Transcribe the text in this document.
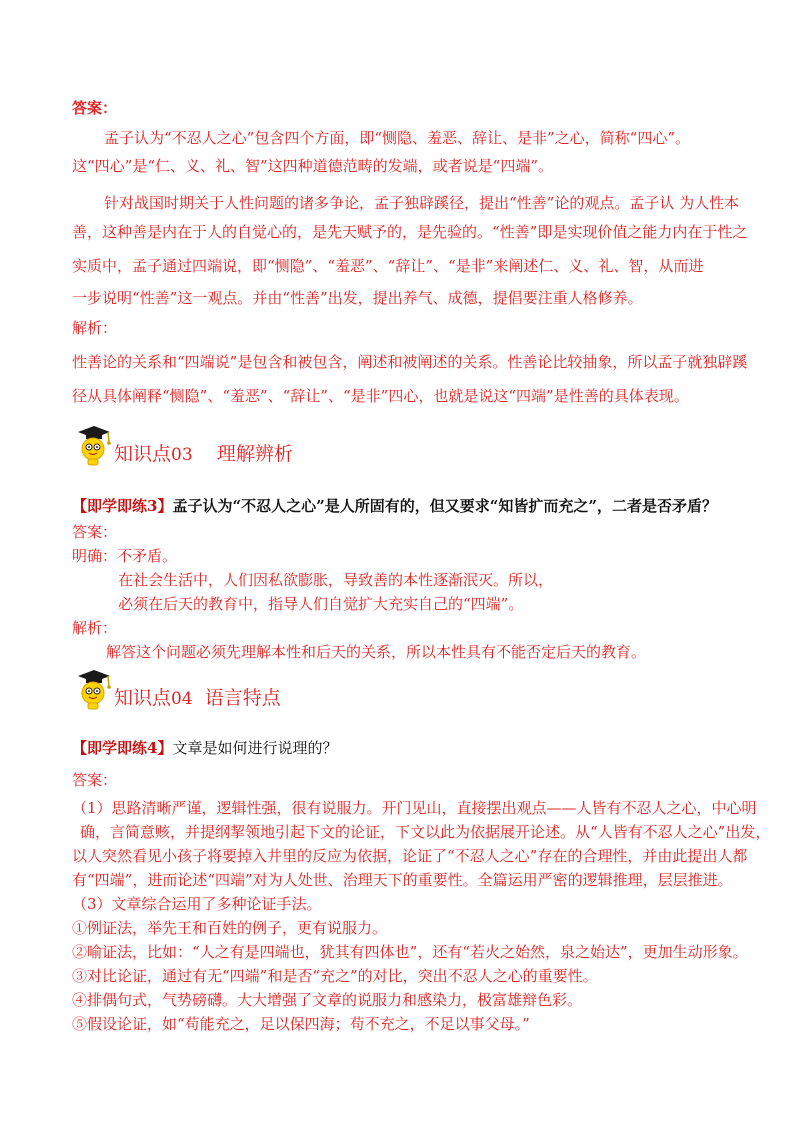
答案：
孟子认为“不忍人之心”包含四个方面，即“恻隐、羞恶、辞让、是非”之心，简称“四心”。
这“四心”是“仁、义、礼、智”这四种道德范畴的发端，或者说是“四端”。
针对战国时期关于人性问题的诸多争论，孟子独辟蹊径，提出“性善”论的观点。孟子认 为人性本
善，这种善是内在于人的自觉心的，是先天赋予的，是先验的。“性善”即是实现价值之能力内在于性之
实质中，孟子通过四端说，即“恻隐”、“羞恶”、“辞让”、“是非”来阐述仁、义、礼、智，从而进
一步说明“性善”这一观点。并由“性善”出发，提出养气、成德，提倡要注重人格修养。
解析：
性善论的关系和“四端说”是包含和被包含，阐述和被阐述的关系。性善论比较抽象，所以孟子就独辟蹊
径从具体阐释“恻隐”、“羞恶”、“辞让”、“是非”四心，也就是说这“四端”是性善的具体表现。
知识点03 理解辨析
【即学即练3】孟子认为“不忍人之心”是人所固有的，但又要求“知皆扩而充之”，二者是否矛盾？
答案：
明确：不矛盾。
在社会生活中，人们因私欲膨胀，导致善的本性逐渐泯灭。所以，
必须在后天的教育中，指导人们自觉扩大充实自己的“四端”。
解析：
解答这个问题必须先理解本性和后天的关系，所以本性具有不能否定后天的教育。
知识点04 语言特点
【即学即练4】文章是如何进行说理的？
答案：
（1）思路清晰严谨，逻辑性强，很有说服力。开门见山，直接摆出观点——人皆有不忍人之心，中心明
确，言简意赅，并提纲挈领地引起下文的论证，下文以此为依据展开论述。从“人皆有不忍人之心”出发，
以人突然看见小孩子将要掉入井里的反应为依据，论证了“不忍人之心”存在的合理性，并由此提出人都
有“四端”，进而论述“四端”对为人处世、治理天下的重要性。全篇运用严密的逻辑推理，层层推进。
（3）文章综合运用了多种论证手法。
①例证法，举先王和百姓的例子，更有说服力。
②喻证法，比如：“人之有是四端也，犹其有四体也”，还有“若火之始然，泉之始达”，更加生动形象。
③对比论证，通过有无“四端”和是否“充之”的对比，突出不忍人之心的重要性。
④排偶句式，气势磅礴。大大增强了文章的说服力和感染力，极富雄辩色彩。
⑤假设论证，如“苟能充之，足以保四海；苟不充之，不足以事父母。”
